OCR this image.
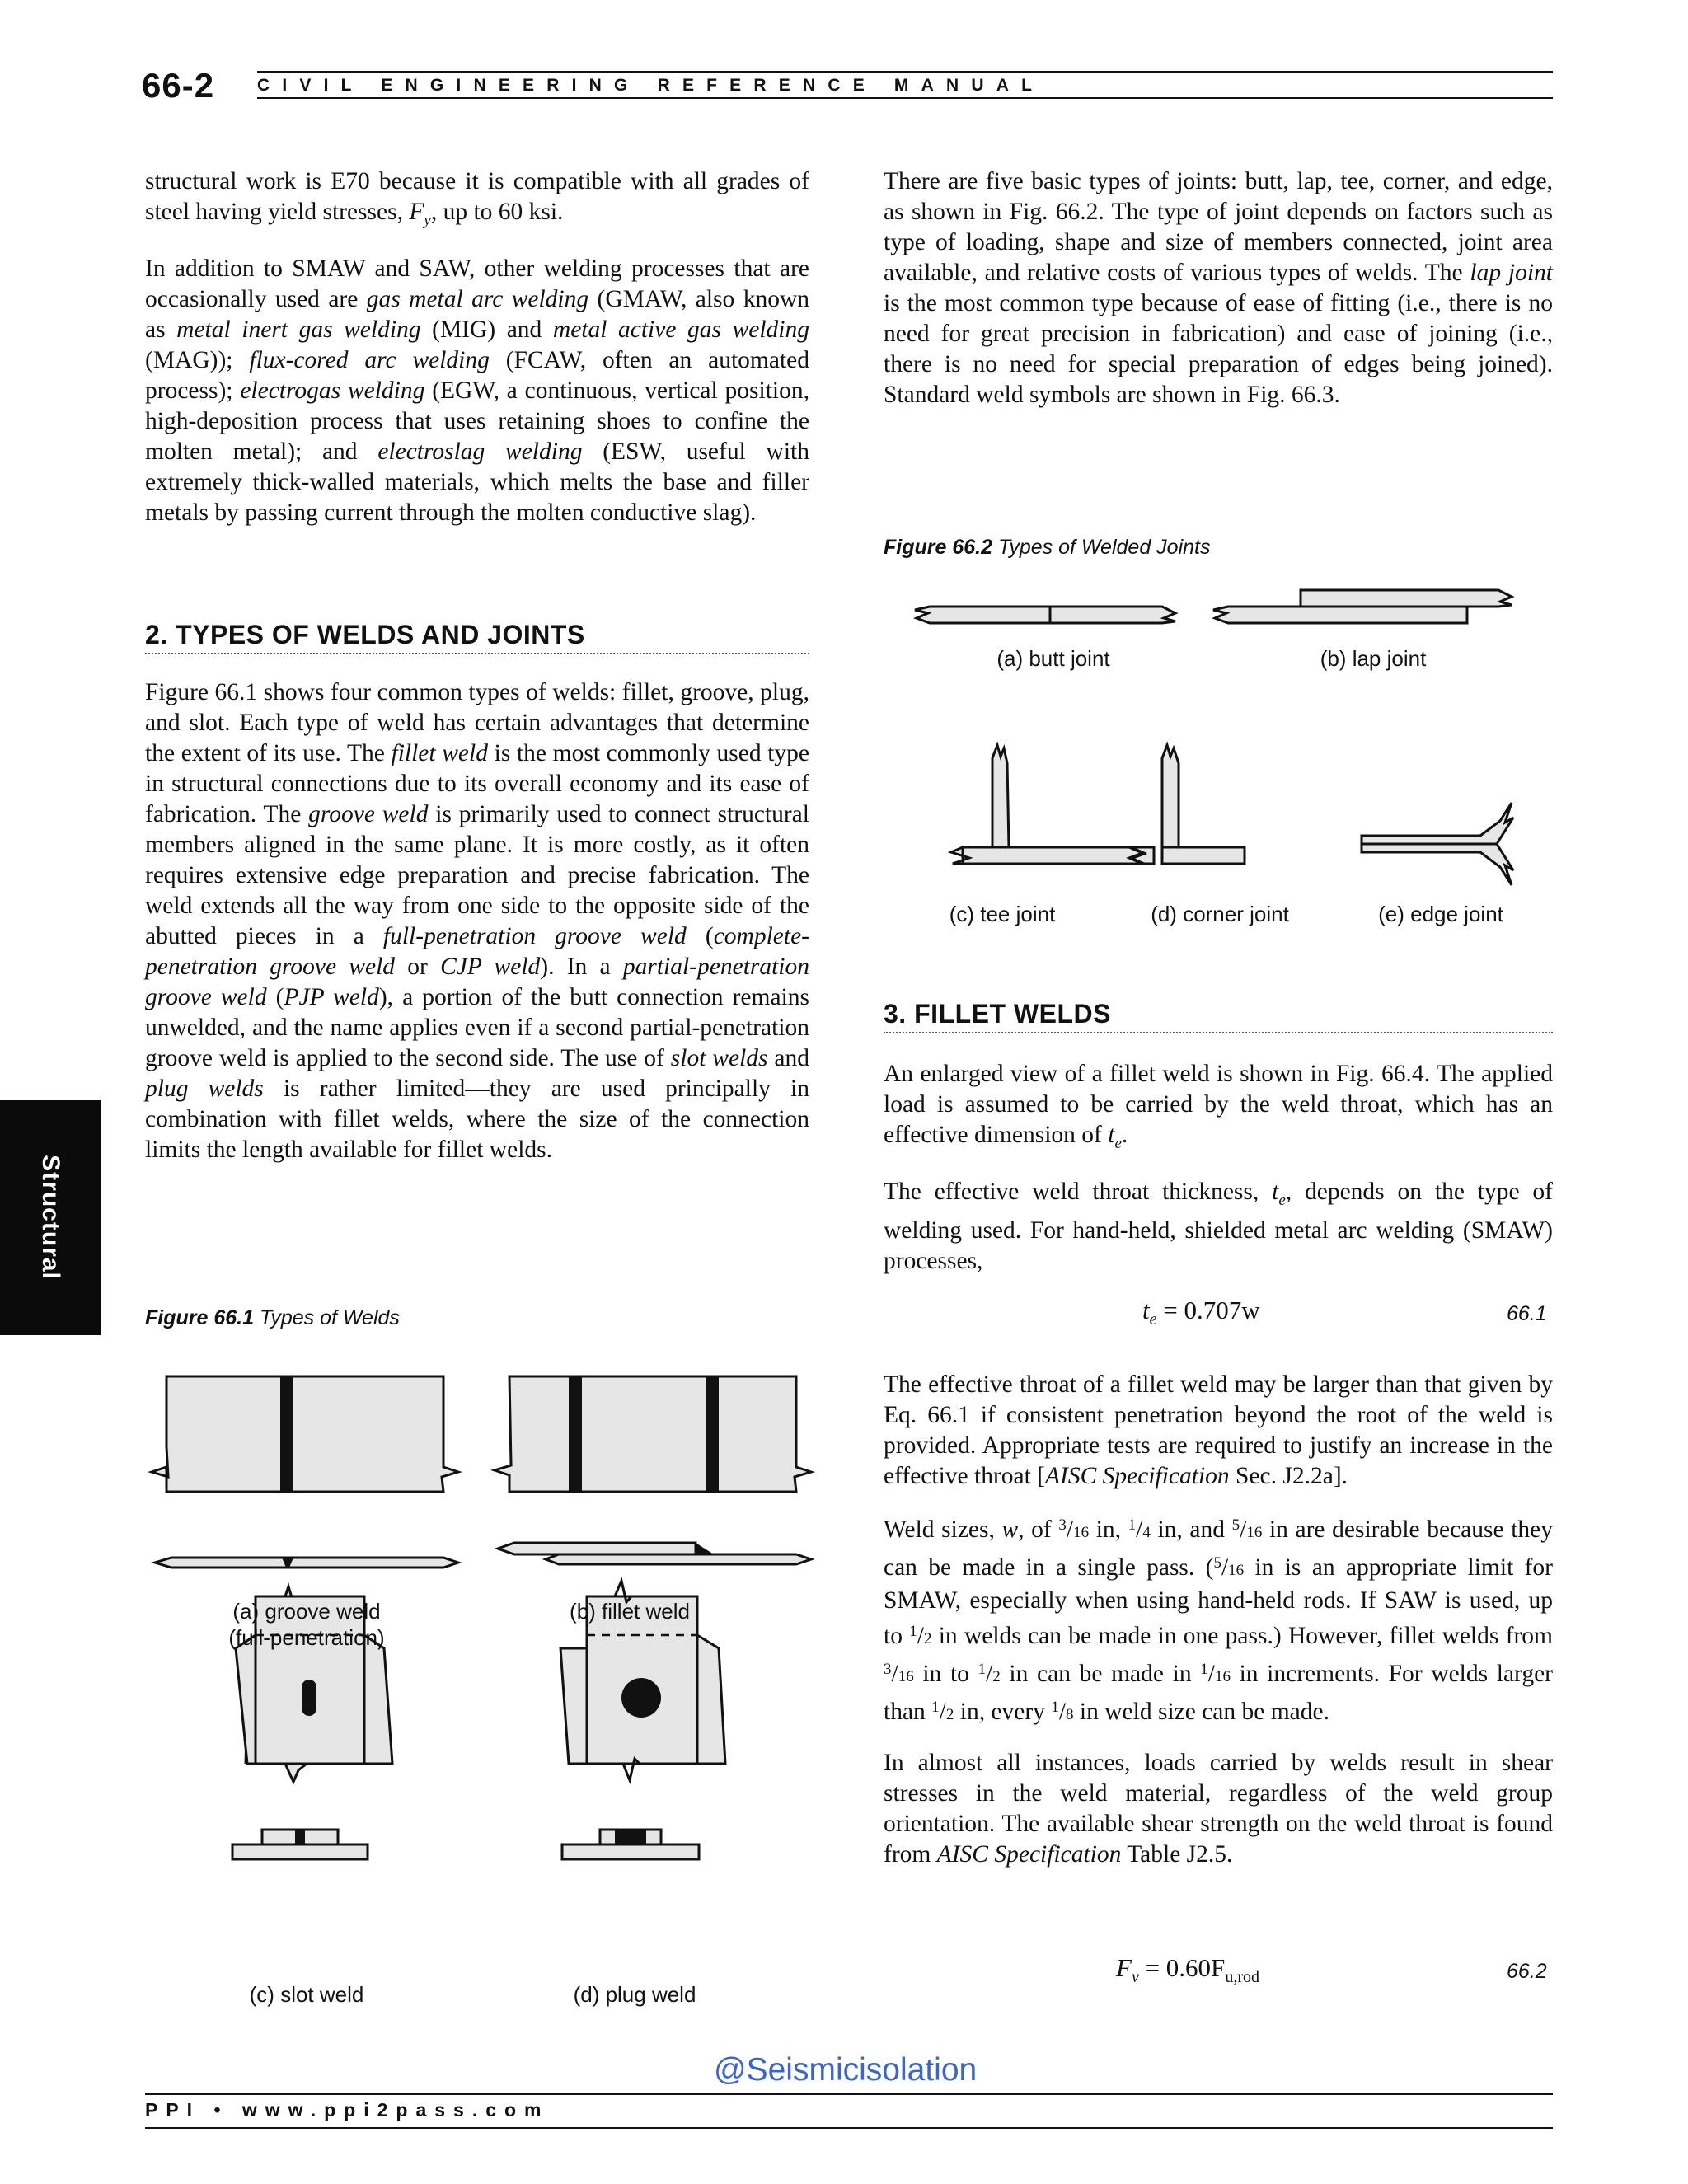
66-2 CIVIL ENGINEERING REFERENCE MANUAL
Structural

structural work is E70 because it is compatible with all grades of steel having yield stresses, $F_y$, up to 60 ksi.

In addition to SMAW and SAW, other welding processes that are occasionally used are gas metal arc welding (GMAW, also known as metal inert gas welding (MIG) and metal active gas welding (MAG)); flux-cored arc welding (FCAW, often an automated process); electrogas welding (EGW, a continuous, vertical position, high-deposition process that uses retaining shoes to confine the molten metal); and electroslag welding (ESW, useful with extremely thick-walled materials, which melts the base and filler metals by passing current through the molten conductive slag).

2. TYPES OF WELDS AND JOINTS

Figure 66.1 shows four common types of welds: fillet, groove, plug, and slot. Each type of weld has certain advantages that determine the extent of its use. The fillet weld is the most commonly used type in structural connections due to its overall economy and its ease of fabrication. The groove weld is primarily used to connect structural members aligned in the same plane. It is more costly, as it often requires extensive edge preparation and precise fabrication. The weld extends all the way from one side to the opposite side of the abutted pieces in a full-penetration groove weld (complete-penetration groove weld or CJP weld). In a partial-penetration groove weld (PJP weld), a portion of the butt connection remains unwelded, and the name applies even if a second partial-penetration groove weld is applied to the second side. The use of slot welds and plug welds is rather limited—they are used principally in combination with fillet welds, where the size of the connection limits the length available for fillet welds.

Figure 66.1 Types of Welds
(a) groove weld
(full-penetration)
(b) fillet weld
(c) slot weld	(d) plug weld

There are five basic types of joints: butt, lap, tee, corner, and edge, as shown in Fig. 66.2. The type of joint depends on factors such as type of loading, shape and size of members connected, joint area available, and relative costs of various types of welds. The lap joint is the most common type because of ease of fitting (i.e., there is no need for great precision in fabrication) and ease of joining (i.e., there is no need for special preparation of edges being joined). Standard weld symbols are shown in Fig. 66.3.

Figure 66.2 Types of Welded Joints
(a) butt joint	(b) lap joint
(c) tee joint	(d) corner joint	(e) edge joint
3. FILLET WELDS

An enlarged view of a fillet weld is shown in Fig. 66.4. The applied load is assumed to be carried by the weld throat, which has an effective dimension of $t_e$.

The effective weld throat thickness, $t_e$, depends on the type of welding used. For hand-held, shielded metal arc welding (SMAW) processes,

$t_e = 0.707w$	66.1

The effective throat of a fillet weld may be larger than that given by Eq. 66.1 if consistent penetration beyond the root of the weld is provided. Appropriate tests are required to justify an increase in the effective throat [AISC Specification Sec. J2.2a].

Weld sizes, w, of $^3$/16 in, $^1$/4 in, and $^5$/16 in are desirable because they can be made in a single pass. ($^5$/16 in is an appropriate limit for SMAW, especially when using hand-held rods. If SAW is used, up to $^1$/2 in welds can be made in one pass.) However, fillet welds from $^3$/16 in to $^1$/2 in can be made in $^1$/16 in increments. For welds larger than $^1$/2 in, every $^1$/8 in weld size can be made.

In almost all instances, loads carried by welds result in shear stresses in the weld material, regardless of the weld group orientation. The available shear strength on the weld throat is found from AISC Specification Table J2.5.

$F_v = 0.60F_{u,rod}$	66.2
@Seismicisolation
PPI • www.ppi2pass.com
